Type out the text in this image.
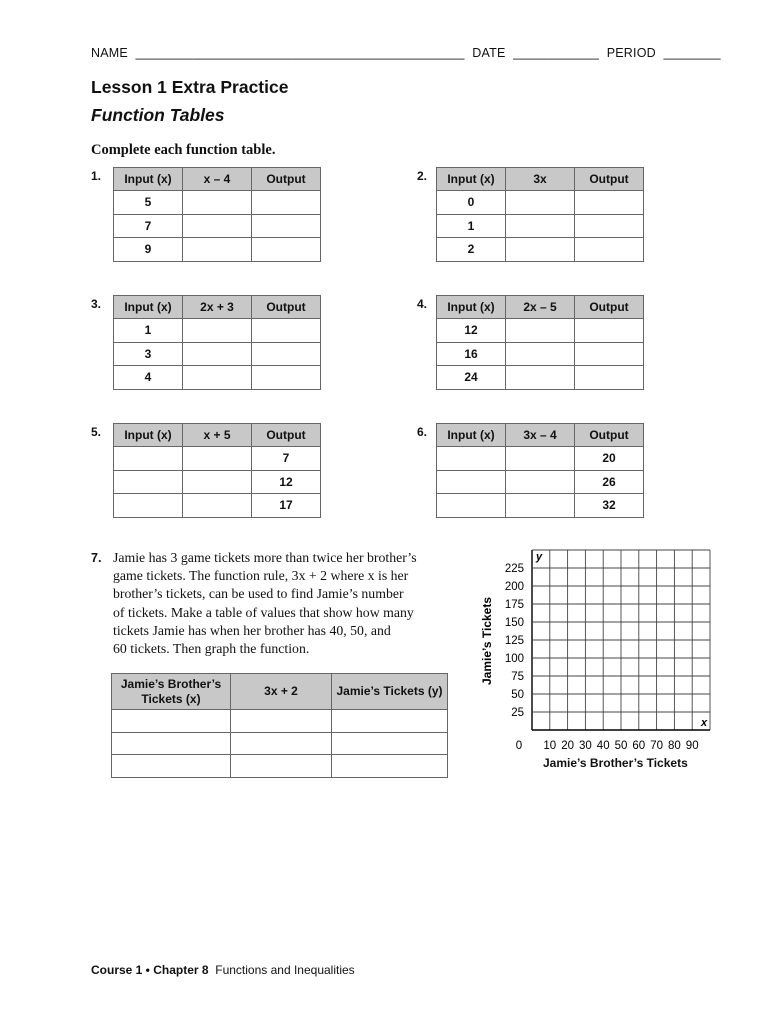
NAME ______________________________________________ DATE ____________ PERIOD ________
Lesson 1 Extra Practice
Function Tables
Complete each function table.
1. Input (x)	x – 4	Output
5		
7		
9		
2. Input (x)	3x	Output
0		
1		
2		
3. Input (x)	2x + 3	Output
1		
3		
4		
4. Input (x)	2x – 5	Output
12		
16		
24		
5. Input (x)	x + 5	Output
		7
		12
		17
6. Input (x)	3x – 4	Output
		20
		26
		32
7. Jamie has 3 game tickets more than twice her brother’s
game tickets. The function rule, 3x + 2 where x is her
brother’s tickets, can be used to find Jamie’s number
of tickets. Make a table of values that show how many
tickets Jamie has when her brother has 40, 50, and
60 tickets. Then graph the function.
Jamie’s Brother’s Tickets (x)	3x + 2	Jamie’s Tickets (y)

25
50
75
100
125
150
175
200
225
10 20 30 40 50 60 70 80 90
0
y
x
Jamie’s Tickets
Jamie’s Brother’s Tickets
Course 1 • Chapter 8 Functions and Inequalities
